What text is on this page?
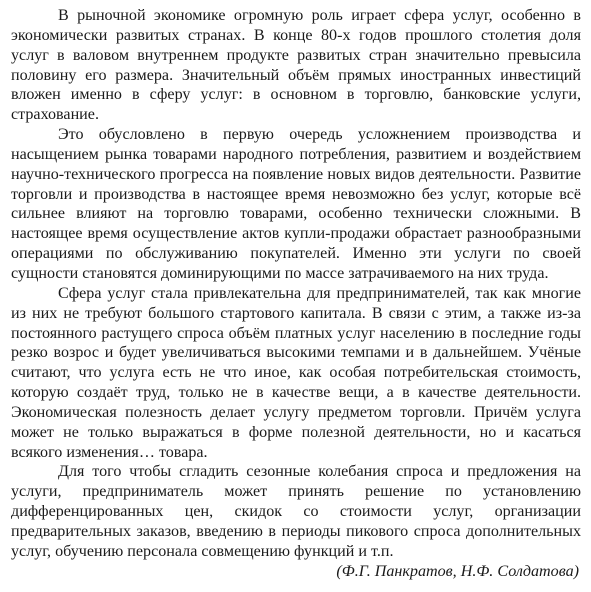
В рыночной экономике огромную роль играет сфера услуг, особенно в экономически развитых странах. В конце 80-х годов прошлого столетия доля услуг в валовом внутреннем продукте развитых стран значительно превысила половину его размера. Значительный объём прямых иностранных инвестиций вложен именно в сферу услуг: в основном в торговлю, банковские услуги, страхование.

Это обусловлено в первую очередь усложнением производства и насыщением рынка товарами народного потребления, развитием и воздействием научно-технического прогресса на появление новых видов деятельности. Развитие торговли и производства в настоящее время невозможно без услуг, которые всё сильнее влияют на торговлю товарами, особенно технически сложными. В настоящее время осуществление актов купли-продажи обрастает разнообразными операциями по обслуживанию покупателей. Именно эти услуги по своей сущности становятся доминирующими по массе затрачиваемого на них труда.

Сфера услуг стала привлекательна для предпринимателей, так как многие из них не требуют большого стартового капитала. В связи с этим, а также из-за постоянного растущего спроса объём платных услуг населению в последние годы резко возрос и будет увеличиваться высокими темпами и в дальнейшем. Учёные считают, что услуга есть не что иное, как особая потребительская стоимость, которую создаёт труд, только не в качестве вещи, а в качестве деятельности. Экономическая полезность делает услугу предметом торговли. Причём услуга может не только выражаться в форме полезной деятельности, но и касаться всякого изменения… товара.

Для того чтобы сгладить сезонные колебания спроса и предложения на услуги, предприниматель может принять решение по установлению дифференцированных цен, скидок со стоимости услуг, организации предварительных заказов, введению в периоды пикового спроса дополнительных услуг, обучению персонала совмещению функций и т.п.

(Ф.Г. Панкратов, Н.Ф. Солдатова)
